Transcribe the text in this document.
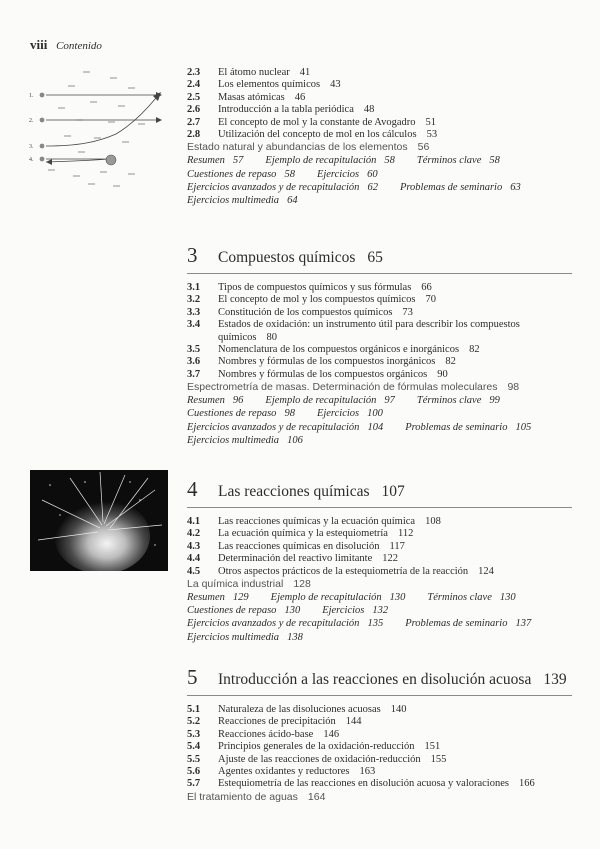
viii Contenido
1.
2.
3.
4.
2.3	El átomo nuclear 41
2.4	Los elementos químicos 43
2.5	Masas atómicas 46
2.6	Introducción a la tabla periódica 48
2.7	El concepto de mol y la constante de Avogadro 51
2.8	Utilización del concepto de mol en los cálculos 53
Estado natural y abundancias de los elementos 56
Resumen 57 Ejemplo de recapitulación 58 Términos clave 58
Cuestiones de repaso 58 Ejercicios 60
Ejercicios avanzados y de recapitulación 62 Problemas de seminario 63
Ejercicios multimedia 64
3	Compuestos químicos 65
3.1	Tipos de compuestos químicos y sus fórmulas 66
3.2	El concepto de mol y los compuestos químicos 70
3.3	Constitución de los compuestos químicos 73
3.4	Estados de oxidación: un instrumento útil para describir los compuestos químicos 80
3.5	Nomenclatura de los compuestos orgánicos e inorgánicos 82
3.6	Nombres y fórmulas de los compuestos inorgánicos 82
3.7	Nombres y fórmulas de los compuestos orgánicos 90
Espectrometría de masas. Determinación de fórmulas moleculares 98
Resumen 96 Ejemplo de recapitulación 97 Términos clave 99
Cuestiones de repaso 98 Ejercicios 100
Ejercicios avanzados y de recapitulación 104 Problemas de seminario 105
Ejercicios multimedia 106
4	Las reacciones químicas 107
4.1	Las reacciones químicas y la ecuación química 108
4.2	La ecuación química y la estequiometría 112
4.3	Las reacciones químicas en disolución 117
4.4	Determinación del reactivo limitante 122
4.5	Otros aspectos prácticos de la estequiometría de la reacción 124
La química industrial 128
Resumen 129 Ejemplo de recapitulación 130 Términos clave 130
Cuestiones de repaso 130 Ejercicios 132
Ejercicios avanzados y de recapitulación 135 Problemas de seminario 137
Ejercicios multimedia 138
5	Introducción a las reacciones en disolución acuosa 139
5.1	Naturaleza de las disoluciones acuosas 140
5.2	Reacciones de precipitación 144
5.3	Reacciones ácido-base 146
5.4	Principios generales de la oxidación-reducción 151
5.5	Ajuste de las reacciones de oxidación-reducción 155
5.6	Agentes oxidantes y reductores 163
5.7	Estequiometría de las reacciones en disolución acuosa y valoraciones 166
El tratamiento de aguas 164
